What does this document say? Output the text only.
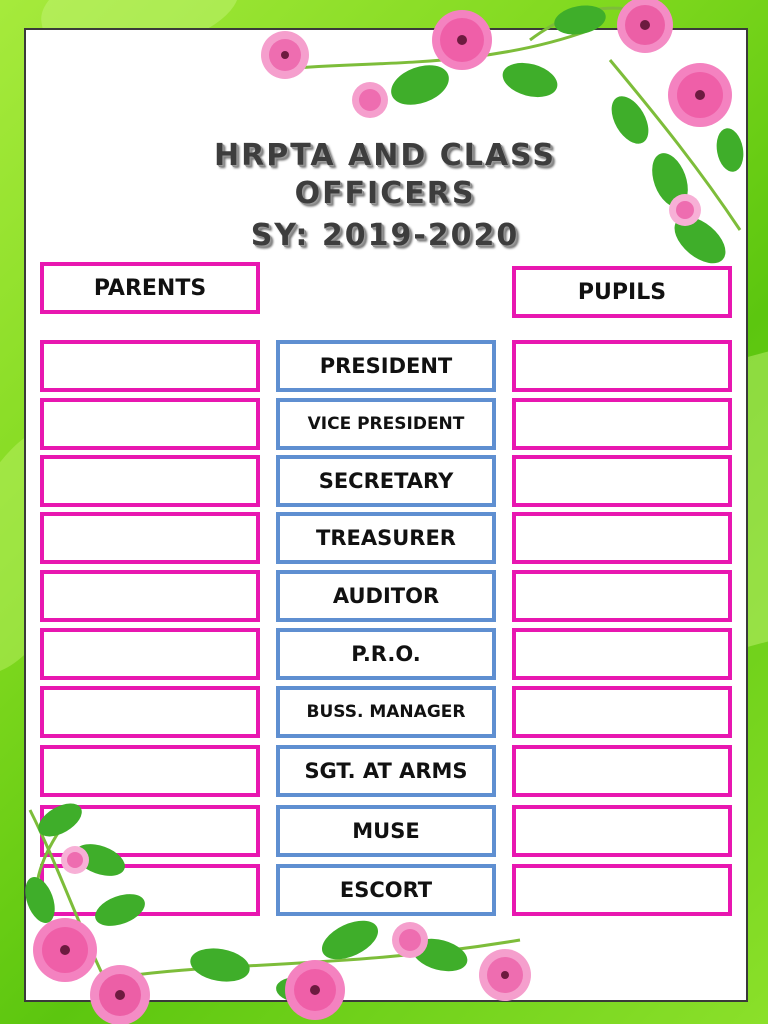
HRPTA AND CLASS
OFFICERS
SY: 2019-2020
PARENTS	PUPILS
PRESIDENT
VICE PRESIDENT
SECRETARY
TREASURER
AUDITOR
P.R.O.
BUSS. MANAGER
SGT. AT ARMS
MUSE
ESCORT
